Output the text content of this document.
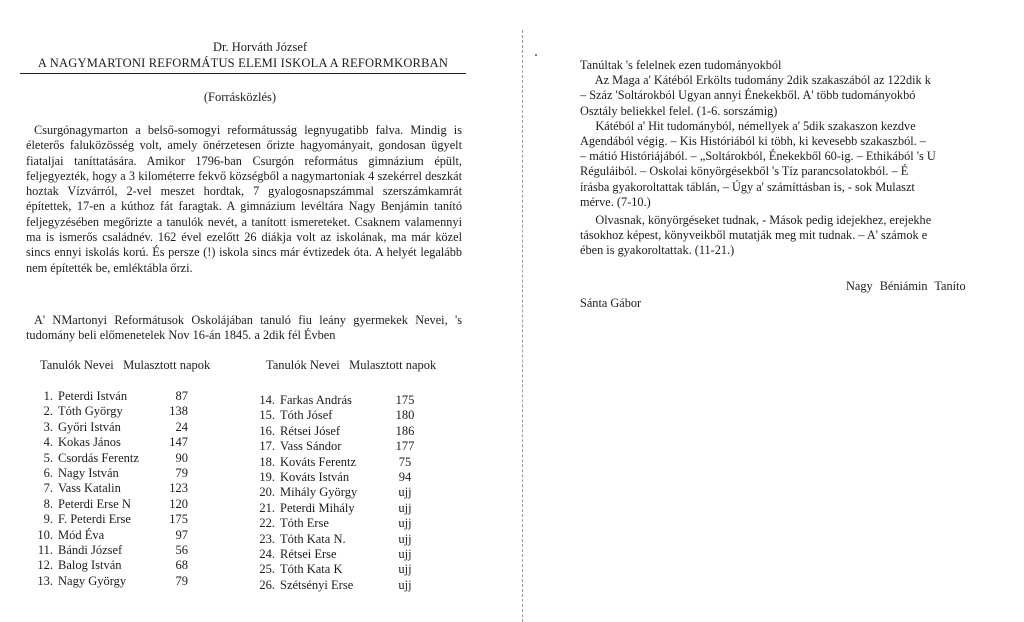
Dr. Horváth József
A NAGYMARTONI REFORMÁTUS ELEMI ISKOLA A REFORMKORBAN
(Forrásközlés)
Csurgónagymarton a belső-somogyi reformátusság legnyugatibb falva. Mindig is életerős faluközösség volt, amely önérzetesen őrizte hagyományait, gondosan ügyelt fiataljai taníttatására. Amikor 1796-ban Csurgón református gimnázium épült, feljegyezték, hogy a 3 kilométerre fekvő községből a nagymartoniak 4 szekérrel deszkát hoztak Vízvárról, 2-vel meszet hordtak, 7 gyalogosnapszámmal szerszámkamrát építettek, 17-en a kúthoz fát faragtak. A gimnázium levéltára Nagy Benjámin tanító feljegyzésében megőrizte a tanulók nevét, a tanított ismereteket. Csaknem valamennyi ma is ismerős családnév. 162 ével ezelőtt 26 diákja volt az iskolának, ma már közel sincs ennyi iskolás korú. És persze (!) iskola sincs már évtizedek óta. A helyét legalább nem építették be, emléktábla őrzi.
A' NMartonyi Reformátusok Oskolájában tanuló fiu leány gyermekek Nevei, 's tudomány beli előmenetelek Nov 16-án 1845. a 2dik fél Évben
Tanulók Nevei   Mulasztott napok	Tanulók Nevei   Mulasztott napok
1. Peterdi István	87
2. Tóth György	138
3. Győri István	24
4. Kokas János	147
5. Csordás Ferentz	90
6. Nagy István	79
7. Vass Katalin	123
8. Peterdi Erse N	120
9. F. Peterdi Erse	175
10. Mód Éva	97
11. Bándi József	56
12. Balog István	68
13. Nagy György	79
14. Farkas András	175
15. Tóth Jósef	180
16. Rétsei Jósef	186
17. Vass Sándor	177
18. Kováts Ferentz	75
19. Kováts István	94
20. Mihály György	ujj
21. Peterdi Mihály	ujj
22. Tóth Erse	ujj
23. Tóth Kata N.	ujj
24. Rétsei Erse	ujj
25. Tóth Kata K	ujj
26. Szétsényi Erse	ujj
Tanúltak 's felelnek ezen tudományokból
Az Maga a' Kátéból Erkölts tudomány 2dik szakaszából az 122dik k
– Száz 'Soltárokból Ugyan annyi Énekekből. A' több tudományokbó
Osztály beliekkel felel. (1-6. sorszámig)
Kátéból a' Hit tudományból, némellyek a' 5dik szakaszon kezdve
Agendából végig. – Kis Históriából ki töbh, ki kevesebb szakaszból. –
– mátió Históriájából. – „Soltárokból, Énekekből 60-ig. – Ethikából 's U
Réguláiból. – Oskolai könyörgésekből 's Tíz parancsolatokból. – É
írásba gyakoroltattak táblán, – Úgy a' számíttásban is, - sok Mulaszt
mérve. (7-10.)
Olvasnak, könyörgéseket tudnak, - Mások pedig idejekhez, erejekhe
tásokhoz képest, könyveikből mutatják meg mit tudnak. – A' számok e
ében is gyakoroltattak. (11-21.)
Nagy Béniámin Taníto
Sánta Gábor
